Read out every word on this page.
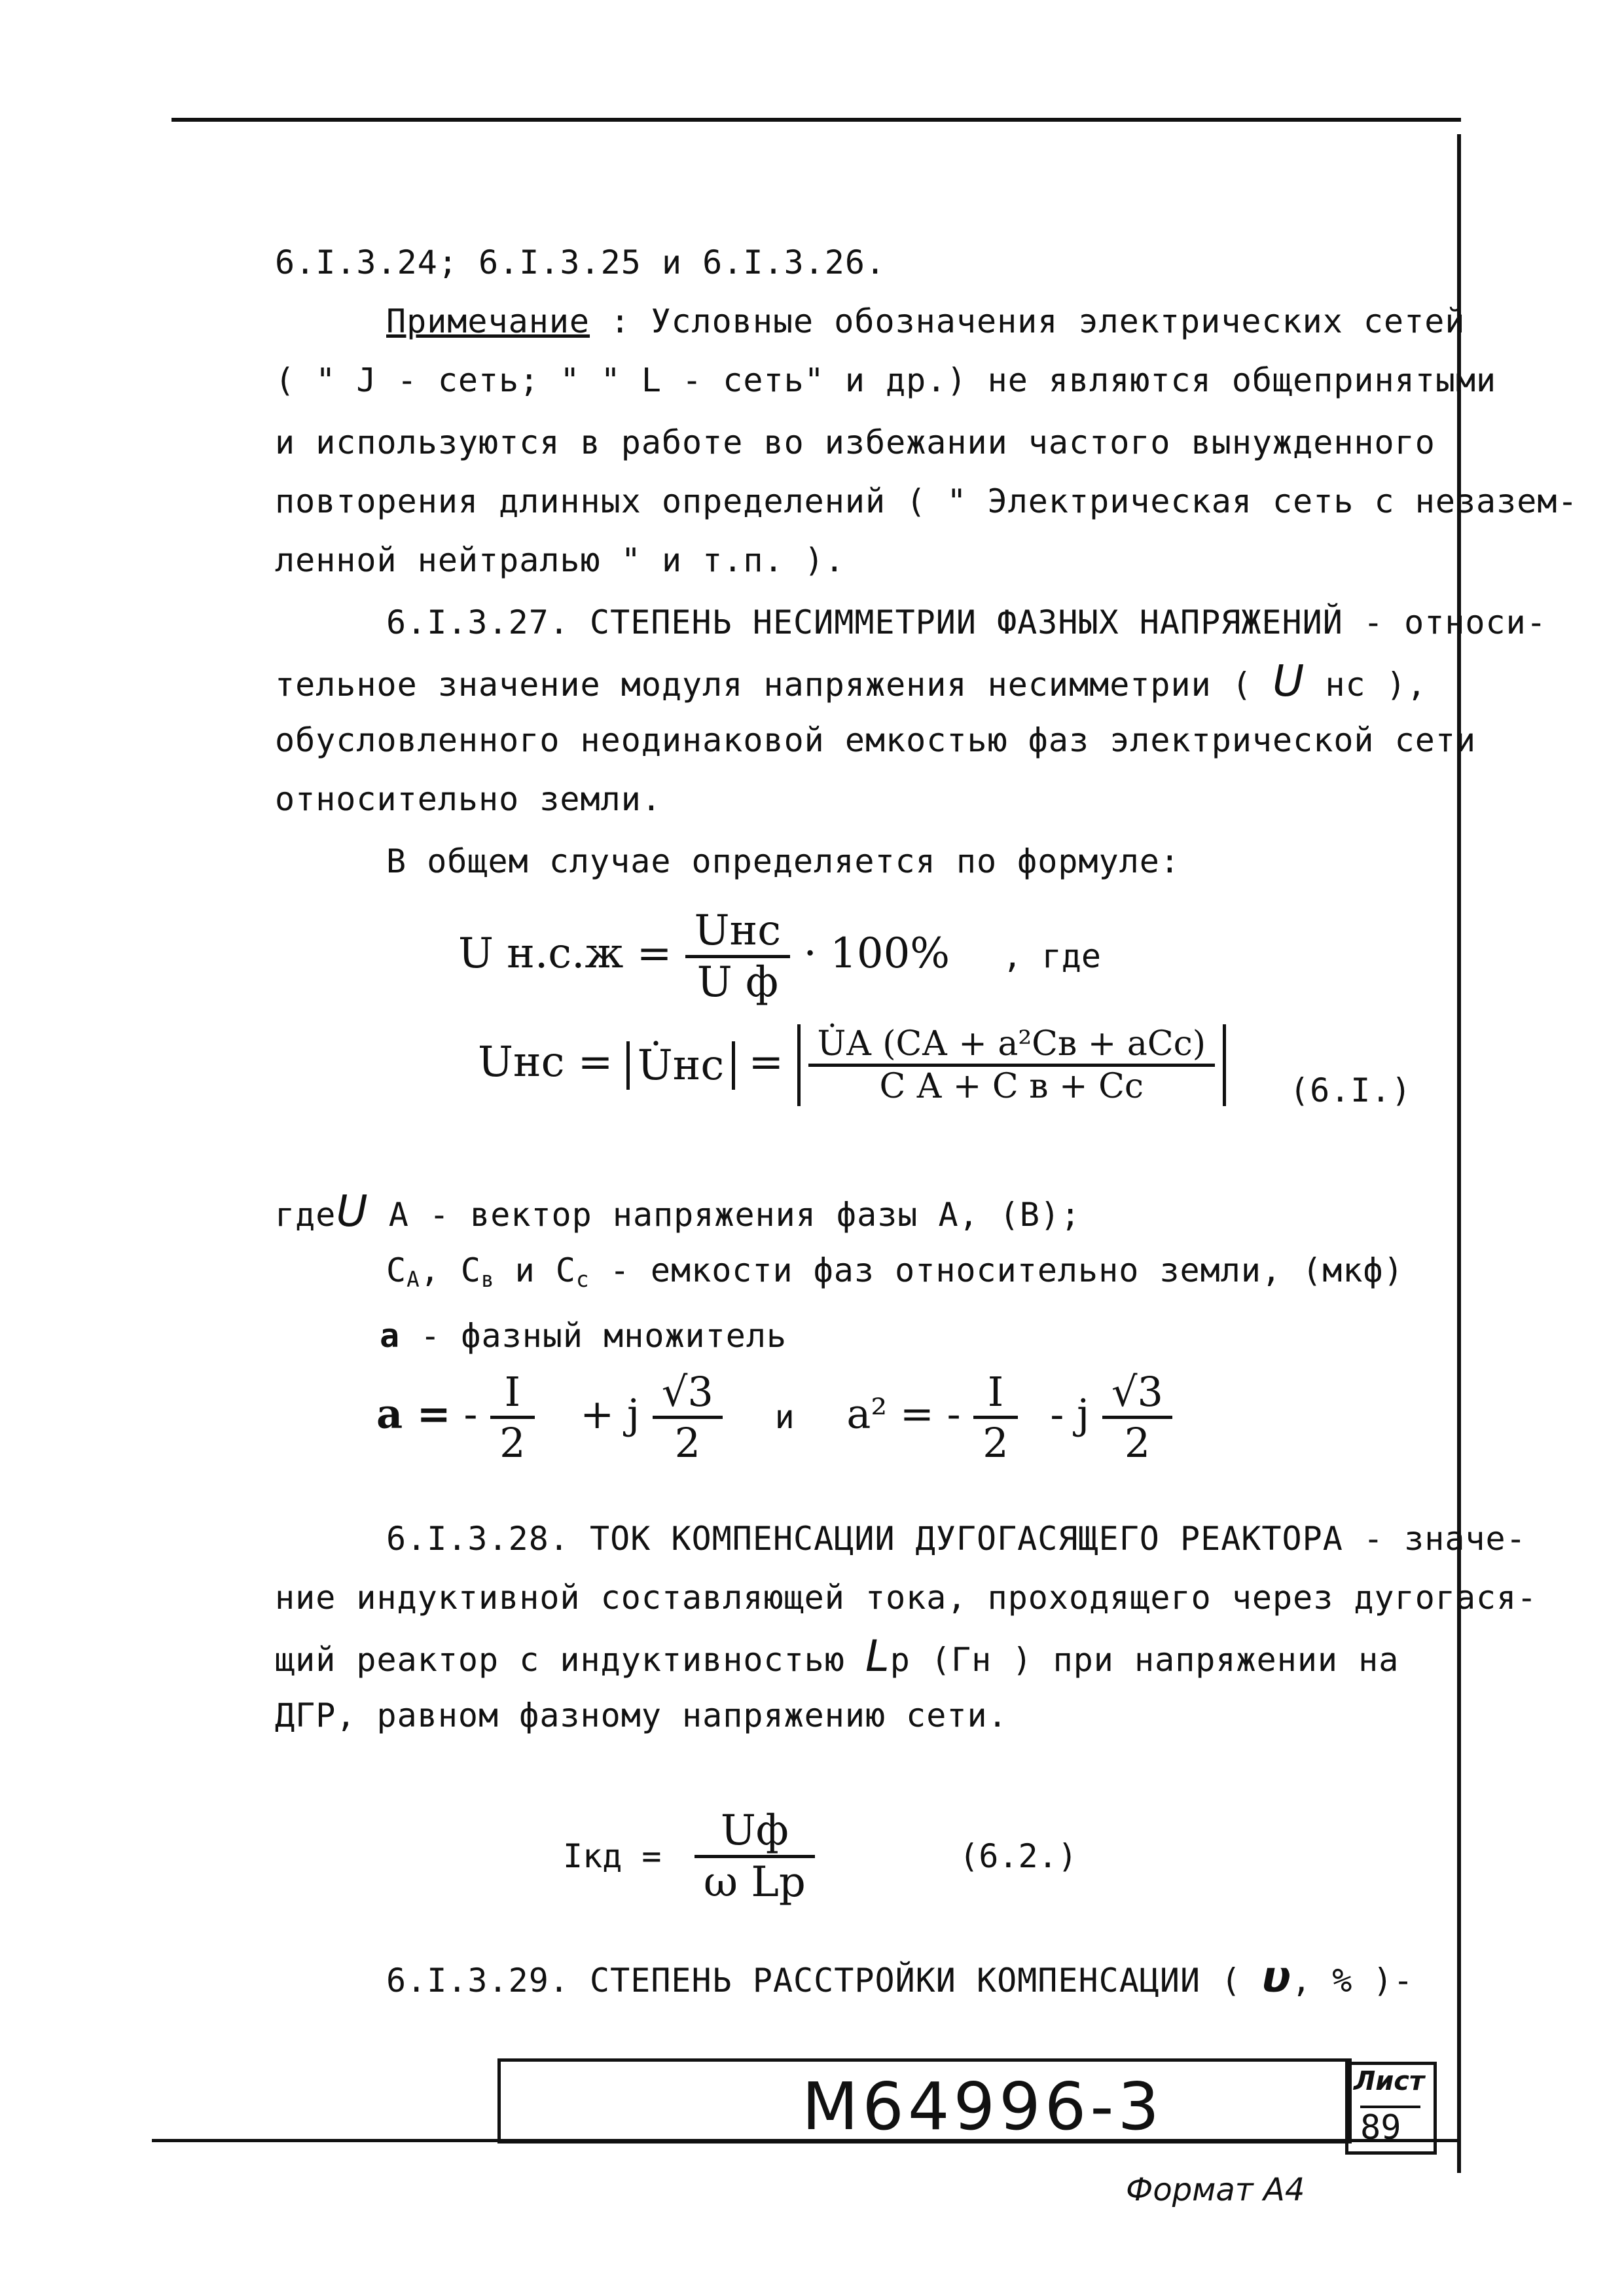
6.I.3.24; 6.I.3.25 и 6.I.3.26.
Примечание : Условные обозначения электрических сетей
( " J - сеть; " " L - сеть" и др.) не являются общепринятыми
и используются в работе во избежании частого вынужденного
повторения длинных определений ( " Электрическая сеть с незазем-
ленной нейтралью " и т.п. ).
6.I.3.27. СТЕПЕНЬ НЕСИММЕТРИИ ФАЗНЫХ НАПРЯЖЕНИЙ - относи-
тельное значение модуля напряжения несимметрии ( U нс ),
обусловленного неодинаковой емкостью фаз электрической сети
относительно земли.
В общем случае определяется по формуле:
U $н.с.ж = \frac{\text{Uнс}}{\text{U ф}} \cdot 100\%$ , где
Uнс = U̇нс = $\frac{\text{U̇А (СА + a²Св + aСс)}}{\text{С А + С в + Сс}} (6.I.)$
гдеU А - вектор напряжения фазы А, (В);
$С_А$, $С_в$ и $С_с$ - емкости фаз относительно земли, (мкф)
a - фазный множитель
a = - $\frac{I}{2} + j \frac{√3}{2}$ и a² = - $\frac{I}{2}$ - j $\frac{√3}{2}$
6.I.3.28. ТОК КОМПЕНСАЦИИ ДУГОГАСЯЩЕГО РЕАКТОРА - значе-
ние индуктивной составляющей тока, проходящего через дугогася-
щий реактор с индуктивностью Lр (Гн ) при напряжении на
ДГР, равном фазному напряжению сети.
Iкд = $\frac{Uф}{\text{ω Lр}}$	(6.2.)
6.I.3.29. СТЕПЕНЬ РАССТРОЙКИ КОМПЕНСАЦИИ ( υ, % )-
M64996-3	Лист
89
Формат А4
